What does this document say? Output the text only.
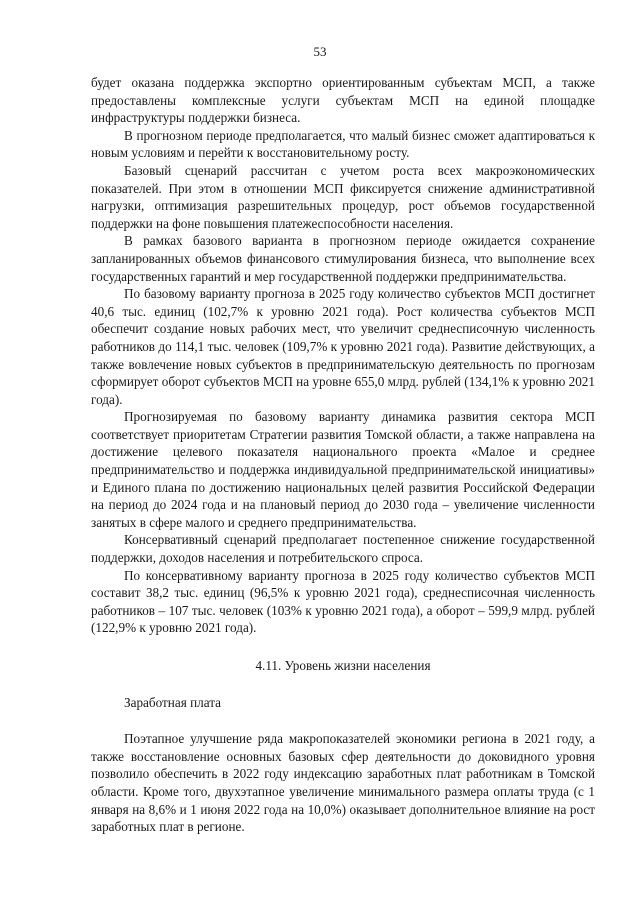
53

будет оказана поддержка экспортно ориентированным субъектам МСП, а также предоставлены комплексные услуги субъектам МСП на единой площадке инфраструктуры поддержки бизнеса.

В прогнозном периоде предполагается, что малый бизнес сможет адаптироваться к новым условиям и перейти к восстановительному росту.

Базовый сценарий рассчитан с учетом роста всех макроэкономических показателей. При этом в отношении МСП фиксируется снижение административной нагрузки, оптимизация разрешительных процедур, рост объемов государственной поддержки на фоне повышения платежеспособности населения.

В рамках базового варианта в прогнозном периоде ожидается сохранение запланированных объемов финансового стимулирования бизнеса, что выполнение всех государственных гарантий и мер государственной поддержки предпринимательства.

По базовому варианту прогноза в 2025 году количество субъектов МСП достигнет 40,6 тыс. единиц (102,7% к уровню 2021 года). Рост количества субъектов МСП обеспечит создание новых рабочих мест, что увеличит среднесписочную численность работников до 114,1 тыс. человек (109,7% к уровню 2021 года). Развитие действующих, а также вовлечение новых субъектов в предпринимательскую деятельность по прогнозам сформирует оборот субъектов МСП на уровне 655,0 млрд. рублей (134,1% к уровню 2021 года).

Прогнозируемая по базовому варианту динамика развития сектора МСП соответствует приоритетам Стратегии развития Томской области, а также направлена на достижение целевого показателя национального проекта «Малое и среднее предпринимательство и поддержка индивидуальной предпринимательской инициативы» и Единого плана по достижению национальных целей развития Российской Федерации на период до 2024 года и на плановый период до 2030 года – увеличение численности занятых в сфере малого и среднего предпринимательства.

Консервативный сценарий предполагает постепенное снижение государственной поддержки, доходов населения и потребительского спроса.

По консервативному варианту прогноза в 2025 году количество субъектов МСП составит 38,2 тыс. единиц (96,5% к уровню 2021 года), среднесписочная численность работников – 107 тыс. человек (103% к уровню 2021 года), а оборот – 599,9 млрд. рублей (122,9% к уровню 2021 года).

4.11. Уровень жизни населения
Заработная плата

Поэтапное улучшение ряда макропоказателей экономики региона в 2021 году, а также восстановление основных базовых сфер деятельности до доковидного уровня позволило обеспечить в 2022 году индексацию заработных плат работникам в Томской области. Кроме того, двухэтапное увеличение минимального размера оплаты труда (с 1 января на 8,6% и 1 июня 2022 года на 10,0%) оказывает дополнительное влияние на рост заработных плат в регионе.
